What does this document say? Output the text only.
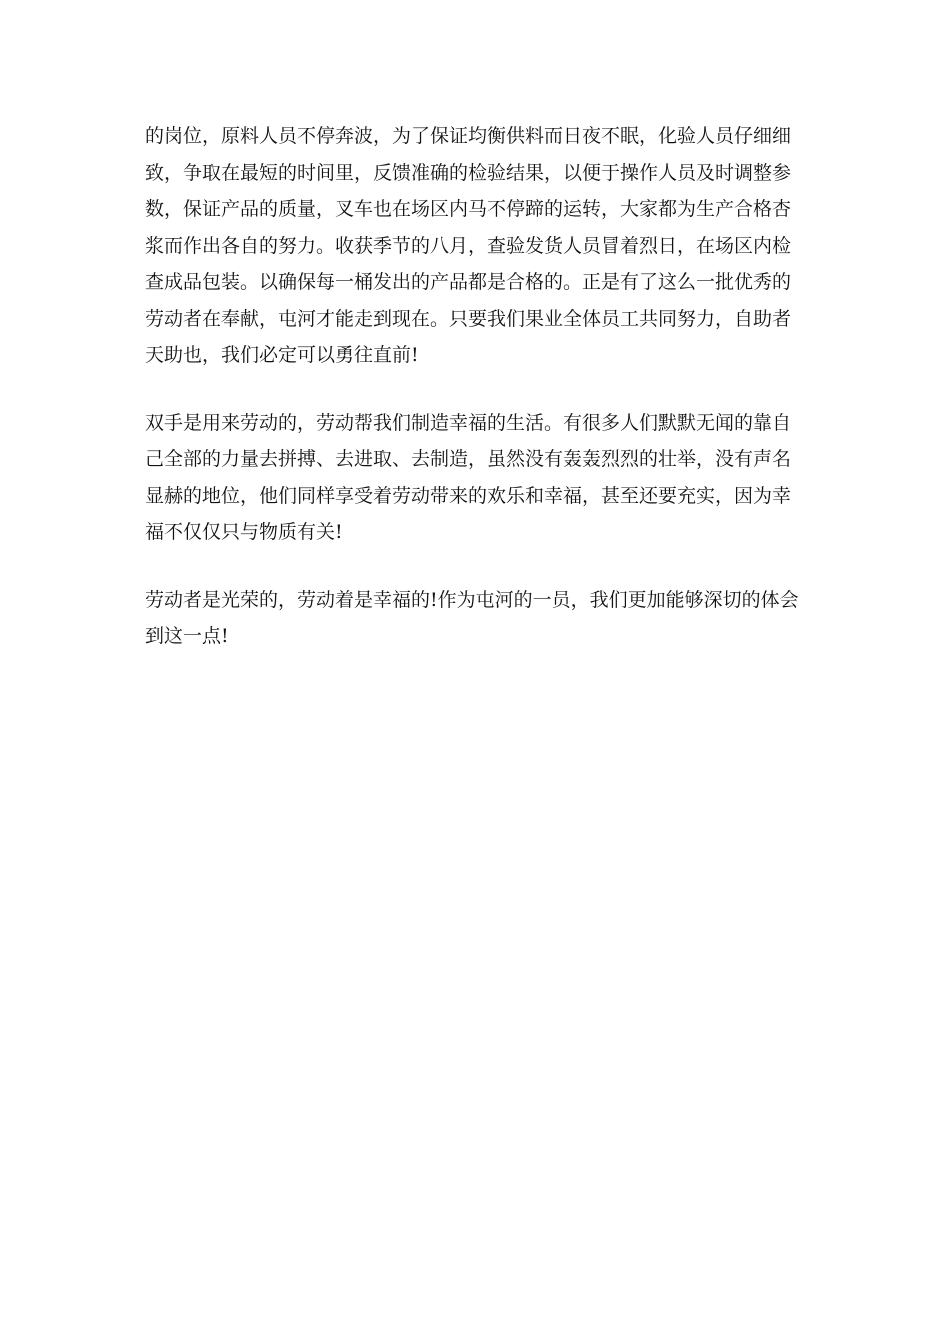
的岗位，原料人员不停奔波，为了保证均衡供料而日夜不眠，化验人员仔细细
致，争取在最短的时间里，反馈准确的检验结果，以便于操作人员及时调整参
数，保证产品的质量，叉车也在场区内马不停蹄的运转，大家都为生产合格杏
浆而作出各自的努力。收获季节的八月，查验发货人员冒着烈日，在场区内检
查成品包装。以确保每一桶发出的产品都是合格的。正是有了这么一批优秀的
劳动者在奉献，屯河才能走到现在。只要我们果业全体员工共同努力，自助者
天助也，我们必定可以勇往直前!
双手是用来劳动的，劳动帮我们制造幸福的生活。有很多人们默默无闻的靠自
己全部的力量去拼搏、去进取、去制造，虽然没有轰轰烈烈的壮举，没有声名
显赫的地位，他们同样享受着劳动带来的欢乐和幸福，甚至还要充实，因为幸
福不仅仅只与物质有关!
劳动者是光荣的，劳动着是幸福的!作为屯河的一员，我们更加能够深切的体会
到这一点!
